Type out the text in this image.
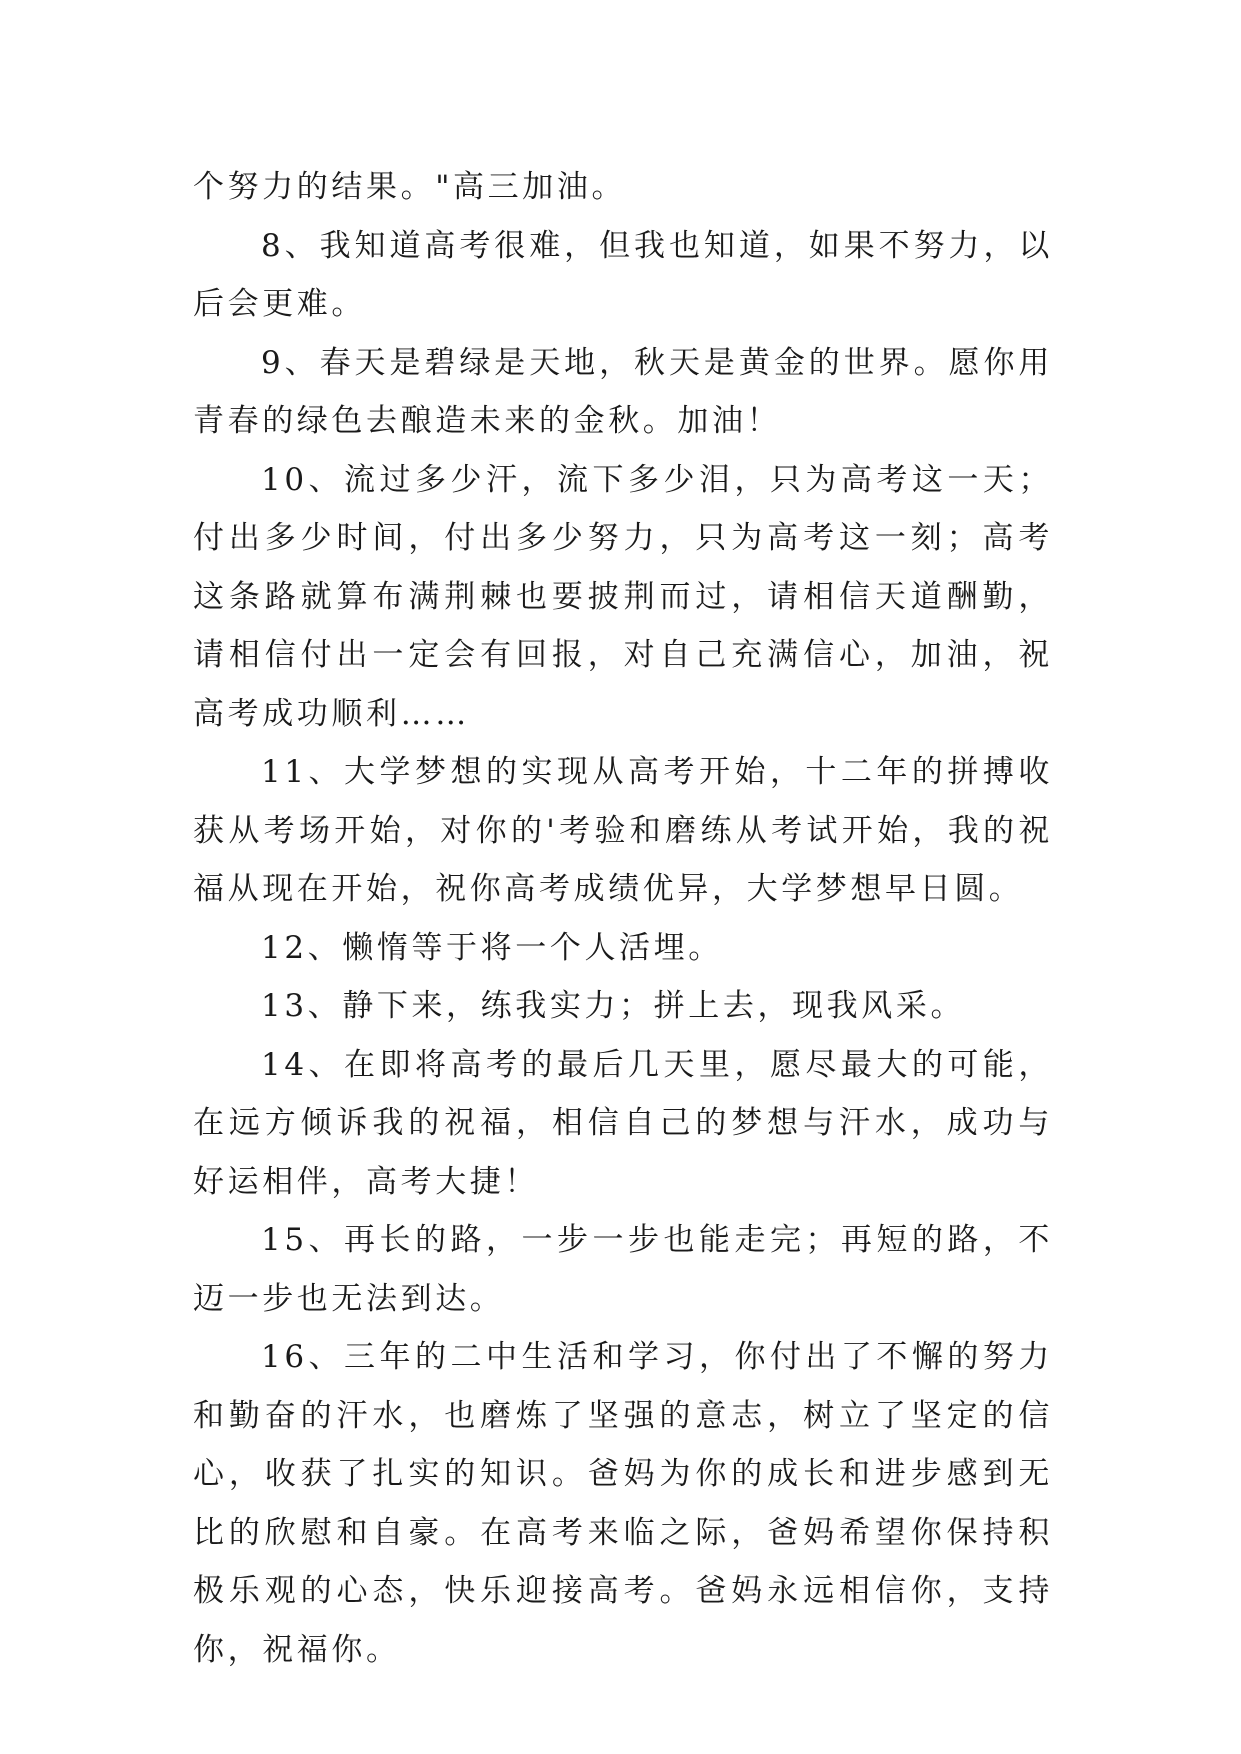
个努力的结果。"高三加油。

8、我知道高考很难，但我也知道，如果不努力，以后会更难。

9、春天是碧绿是天地，秋天是黄金的世界。愿你用青春的绿色去酿造未来的金秋。加油！

10、流过多少汗，流下多少泪，只为高考这一天；付出多少时间，付出多少努力，只为高考这一刻；高考这条路就算布满荆棘也要披荆而过，请相信天道酬勤，请相信付出一定会有回报，对自己充满信心，加油，祝高考成功顺利……

11、大学梦想的实现从高考开始，十二年的拼搏收获从考场开始，对你的'考验和磨练从考试开始，我的祝福从现在开始，祝你高考成绩优异，大学梦想早日圆。

12、懒惰等于将一个人活埋。

13、静下来，练我实力；拼上去，现我风采。

14、在即将高考的最后几天里，愿尽最大的可能，在远方倾诉我的祝福，相信自己的梦想与汗水，成功与好运相伴，高考大捷！

15、再长的路，一步一步也能走完；再短的路，不迈一步也无法到达。

16、三年的二中生活和学习，你付出了不懈的努力和勤奋的汗水，也磨炼了坚强的意志，树立了坚定的信心，收获了扎实的知识。爸妈为你的成长和进步感到无比的欣慰和自豪。在高考来临之际，爸妈希望你保持积极乐观的心态，快乐迎接高考。爸妈永远相信你，支持你，祝福你。
